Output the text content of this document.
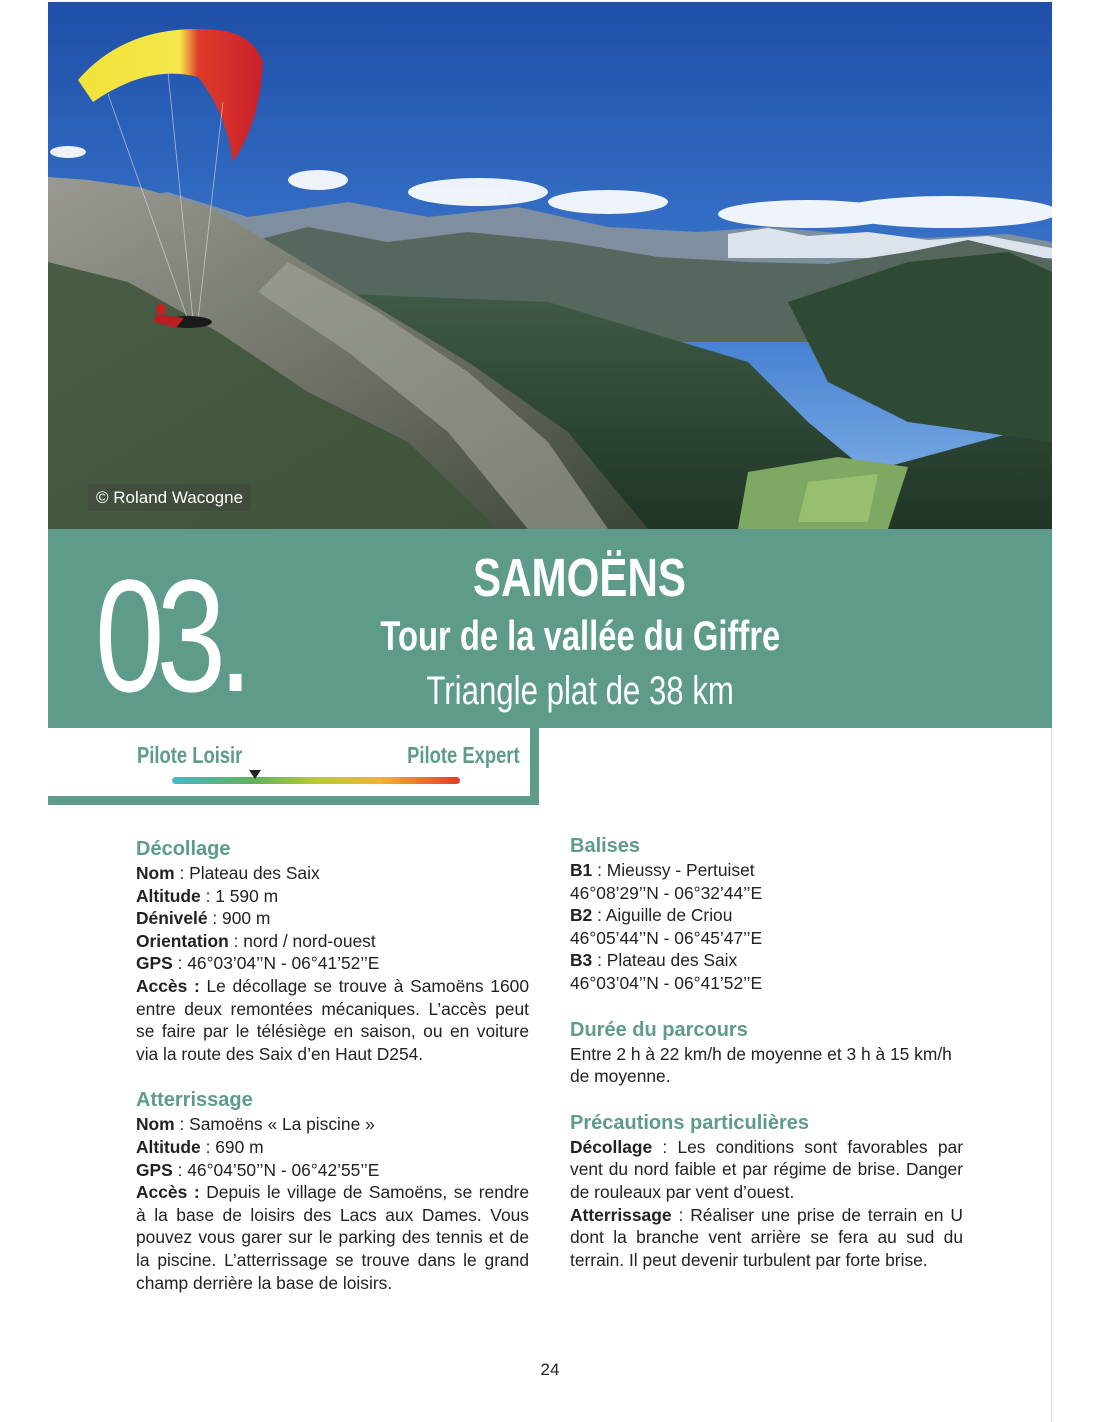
© Roland Wacogne
03.	SAMOËNS
Tour de la vallée du Giffre
Triangle plat de 38 km
Pilote Loisir	Pilote Expert
Décollage
Nom : Plateau des Saix
Altitude : 1 590 m
Dénivelé : 900 m
Orientation : nord / nord-ouest
GPS : 46°03’04’’N - 06°41’52’’E
Accès : Le décollage se trouve à Samoëns 1600 entre deux remontées mécaniques. L’accès peut se faire par le télésiège en saison, ou en voiture via la route des Saix d’en Haut D254.
Atterrissage
Nom : Samoëns « La piscine »
Altitude : 690 m
GPS : 46°04’50’’N - 06°42’55’’E
Accès : Depuis le village de Samoëns, se rendre à la base de loisirs des Lacs aux Dames. Vous pouvez vous garer sur le parking des tennis et de la piscine. L’atterrissage se trouve dans le grand champ derrière la base de loisirs.
Balises
B1 : Mieussy - Pertuiset
46°08’29’’N - 06°32’44’’E
B2 : Aiguille de Criou
46°05’44’’N - 06°45’47’’E
B3 : Plateau des Saix
46°03’04’’N - 06°41’52’’E
Durée du parcours
Entre 2 h à 22 km/h de moyenne et 3 h à 15 km/h de moyenne.
Précautions particulières
Décollage : Les conditions sont favorables par vent du nord faible et par régime de brise. Danger de rouleaux par vent d’ouest.
Atterrissage : Réaliser une prise de terrain en U dont la branche vent arrière se fera au sud du terrain. Il peut devenir turbulent par forte brise.
24
